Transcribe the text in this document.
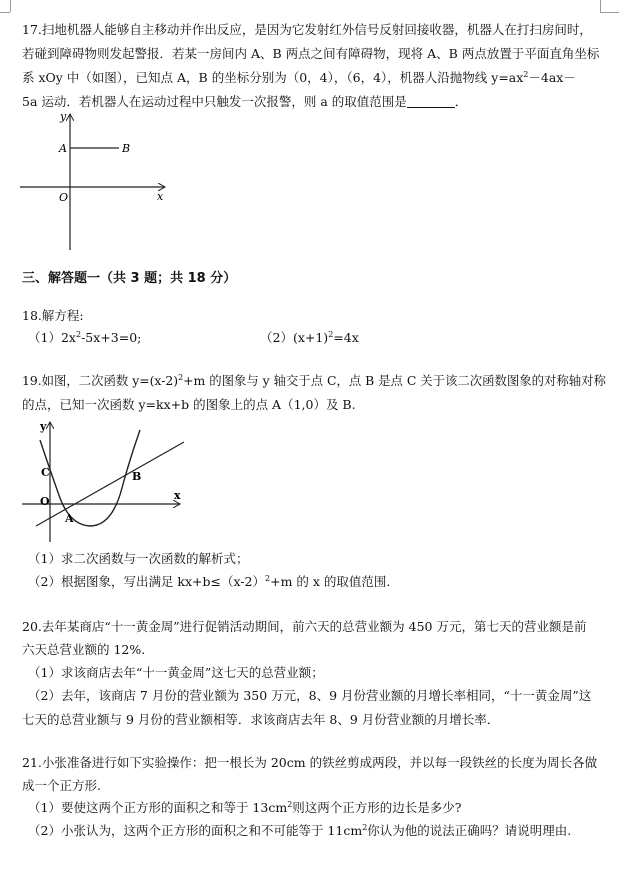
17.扫地机器人能够自主移动并作出反应，是因为它发射红外信号反射回接收器，机器人在打扫房间时，
若碰到障碍物则发起警报．若某一房间内 A、B 两点之间有障碍物，现将 A、B 两点放置于平面直角坐标
系 xOy 中（如图），已知点 A，B 的坐标分别为（0，4），（6，4），机器人沿抛物线 $y=ax^2-4ax-$
5a 运动．若机器人在运动过程中只触发一次报警，则 a 的取值范围是	．
y
x
O
A	B
三、解答题一（共 3 题；共 18 分）
18.解方程:
$(1)2x^2-5x+3=0$;	$(2)(x+1)^2=4x$
19.如图，二次函数 $y=(x-2)^2+m$ 的图象与 y 轴交于点 C，点 B 是点 C 关于该二次函数图象的对称轴对称
的点，已知一次函数 y=kx+b 的图象上的点 A（1,0）及 B.
y
x
O
C
A
B
（1）求二次函数与一次函数的解析式；
（2）根据图象，写出满足 $kx+b\le(x-2)^2+m$ 的 x 的取值范围.
20.去年某商店“十一黄金周”进行促销活动期间，前六天的总营业额为 450 万元，第七天的营业额是前
六天总营业额的 12%.
（1）求该商店去年“十一黄金周”这七天的总营业额；
（2）去年，该商店 7 月份的营业额为 350 万元，8、9 月份营业额的月增长率相同，“十一黄金周”这
七天的总营业额与 9 月份的营业额相等．求该商店去年 8、9 月份营业额的月增长率．
21.小张准备进行如下实验操作：把一根长为 20cm 的铁丝剪成两段，并以每一段铁丝的长度为周长各做
成一个正方形.
（1）要使这两个正方形的面积之和等于 $13cm^2$则这两个正方形的边长是多少?
（2）小张认为，这两个正方形的面积之和不可能等于 $11cm^2$你认为他的说法正确吗？请说明理由.
